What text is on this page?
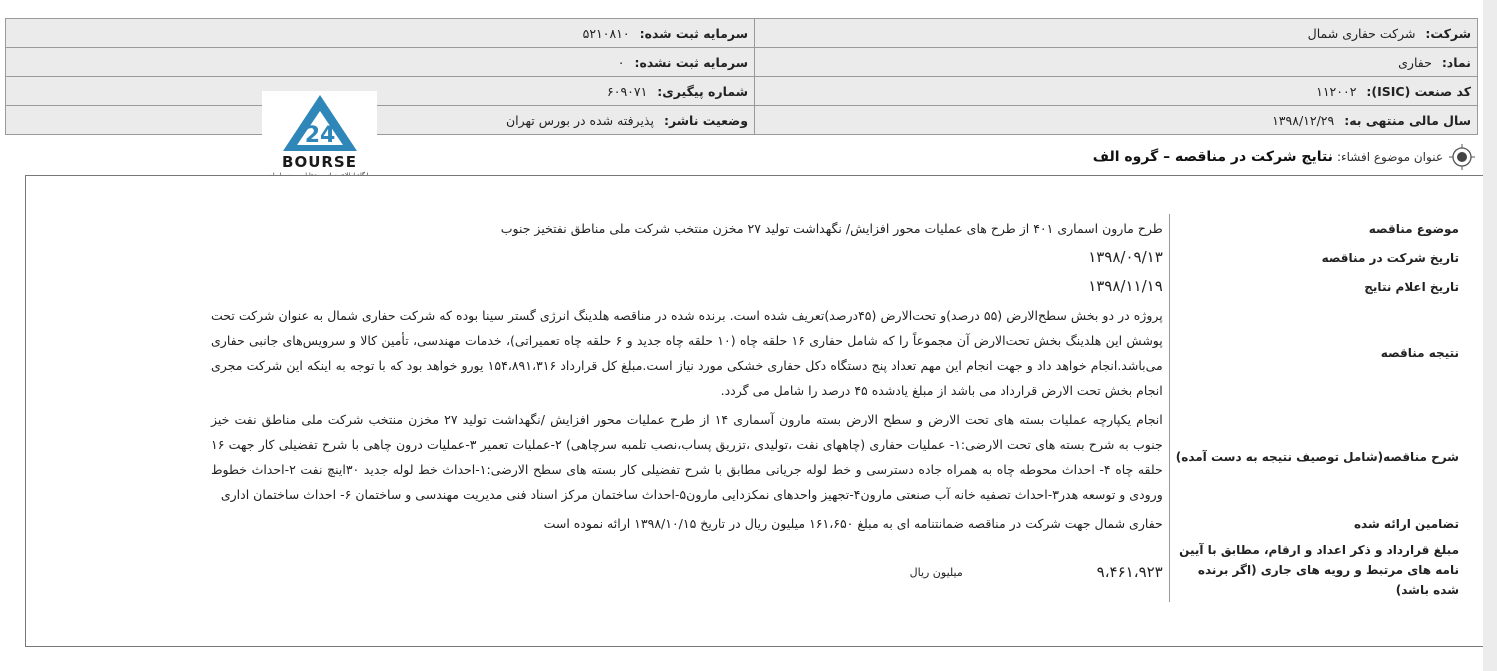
شرکت: شرکت حفاری شمال	سرمایه ثبت شده: ۵۲۱۰۸۱۰
نماد: حفاری	سرمایه ثبت نشده: ۰
کد صنعت (ISIC): ۱۱۲۰۰۲	شماره پیگیری: ۶۰۹۰۷۱
سال مالی منتهی به: ۱۳۹۸/۱۲/۲۹	وضعیت ناشر: پذیرفته شده در بورس تهران
24
BOURSE	عنوان موضوع افشاء:
نتایج شرکت در مناقصه – گروه الف
موضوع مناقصه	طرح مارون اسماری ۴۰۱ از طرح های عملیات محور افزایش/ نگهداشت تولید ۲۷ مخزن منتخب شرکت ملی مناطق نفتخیز جنوب
تاریخ شرکت در مناقصه	۱۳۹۸/۰۹/۱۳
تاریخ اعلام نتایج	۱۳۹۸/۱۱/۱۹
نتیجه مناقصه	پروژه در دو بخش سطح‌الارض (۵۵ درصد)و تحت‌الارض (۴۵درصد)تعریف شده است. برنده شده در مناقصه هلدینگ انرژی گستر سینا بوده که شرکت حفاری شمال به عنوان شرکت تحت پوشش این هلدینگ بخش تحت‌الارض آن مجموعاً را که شامل حفاری ۱۶ حلقه چاه (۱۰ حلقه چاه جدید و ۶ حلقه چاه تعمیراتی)، خدمات مهندسی، تأمین کالا و سرویس‌های جانبی حفاری می‌باشد.انجام خواهد داد و جهت انجام این مهم تعداد پنج دستگاه دکل حفاری خشکی مورد نیاز است.مبلغ کل قرارداد ۱۵۴،۸۹۱،۳۱۶ یورو خواهد بود که با توجه به اینکه این شرکت مجری انجام بخش تحت الارض قرارداد می باشد از مبلغ یادشده ۴۵ درصد را شامل می گردد.
شرح مناقصه(شامل توصیف نتیجه به دست آمده)	انجام یکپارچه عملیات بسته های تحت الارض و سطح الارض بسته مارون آسماری ۱۴ از طرح عملیات محور افزایش /نگهداشت تولید ۲۷ مخزن منتخب شرکت ملی مناطق نفت خیز جنوب به شرح بسته های تحت الارضی:۱- عملیات حفاری (چاههای نفت ،تولیدی ،تزریق پساب،نصب تلمبه سرچاهی) ۲-عملیات تعمیر ۳-عملیات درون چاهی با شرح تفضیلی کار جهت ۱۶ حلقه چاه ۴- احداث محوطه چاه به همراه جاده دسترسی و خط لوله جریانی مطابق با شرح تفضیلی کار بسته های سطح الارضی:۱-احداث خط لوله جدید ۳۰اینچ نفت ۲-احداث خطوط ورودی و توسعه هدر۳-احداث تصفیه خانه آب صنعتی مارون۴-تجهیز واحدهای نمکزدایی مارون۵-احداث ساختمان مرکز اسناد فنی مدیریت مهندسی و ساختمان ۶- احداث ساختمان اداری
تضامین ارائه شده	حفاری شمال جهت شرکت در مناقصه ضمانتنامه ای به مبلغ ۱۶۱،۶۵۰ میلیون ریال در تاریخ ۱۳۹۸/۱۰/۱۵ ارائه نموده است
مبلغ قرارداد و ذکر اعداد و ارقام، مطابق با آیین نامه های مرتبط و رویه های جاری (اگر برنده شده باشد)	۹،۴۶۱،۹۲۳
میلیون ریال
